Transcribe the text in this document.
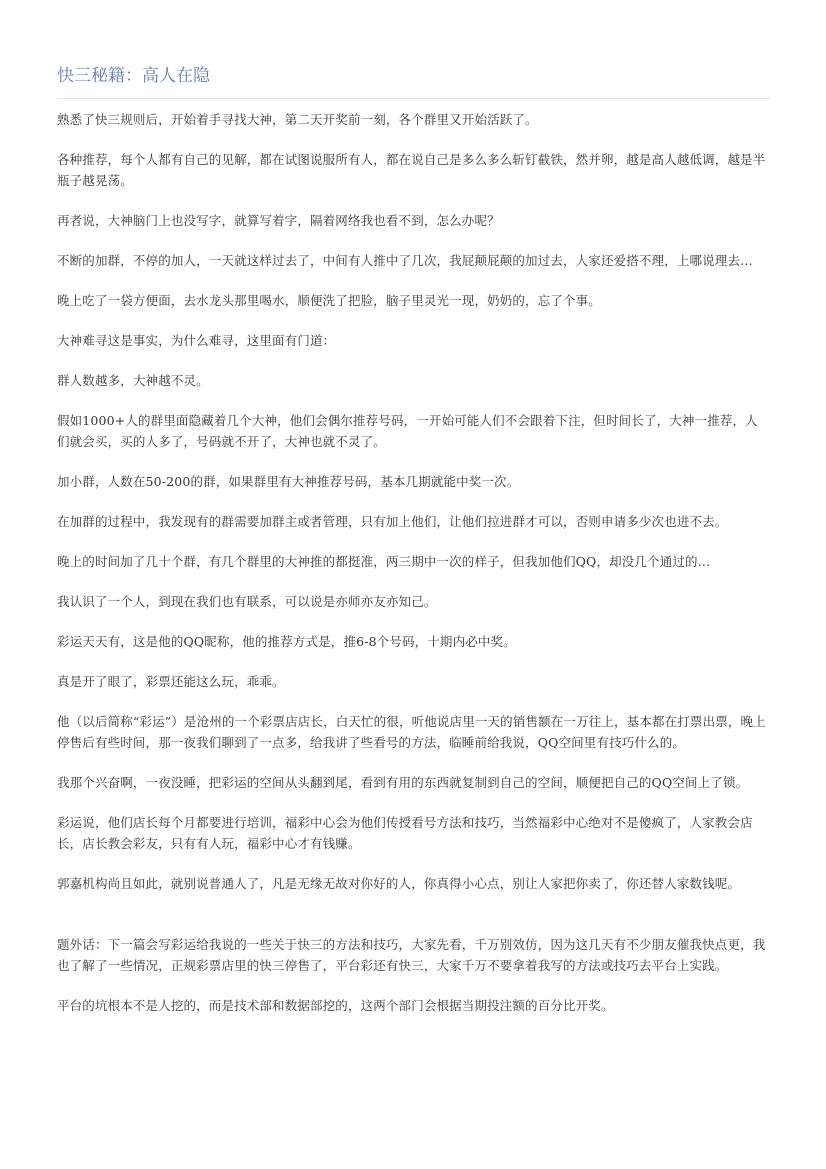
快三秘籍：高人在隐

熟悉了快三规则后，开始着手寻找大神，第二天开奖前一刻，各个群里又开始活跃了。

各种推荐，每个人都有自己的见解，都在试图说服所有人，都在说自己是多么多么斩钉截铁，然并卵，越是高人越低调，越是半瓶子越晃荡。

再者说，大神脑门上也没写字，就算写着字，隔着网络我也看不到，怎么办呢？

不断的加群，不停的加人，一天就这样过去了，中间有人推中了几次，我屁颠屁颠的加过去，人家还爱搭不理，上哪说理去…

晚上吃了一袋方便面，去水龙头那里喝水，顺便洗了把脸，脑子里灵光一现，奶奶的，忘了个事。

大神难寻这是事实，为什么难寻，这里面有门道：

群人数越多，大神越不灵。

假如1000+人的群里面隐藏着几个大神，他们会偶尔推荐号码，一开始可能人们不会跟着下注，但时间长了，大神一推荐，人们就会买，买的人多了，号码就不开了，大神也就不灵了。

加小群，人数在50-200的群，如果群里有大神推荐号码，基本几期就能中奖一次。

在加群的过程中，我发现有的群需要加群主或者管理，只有加上他们，让他们拉进群才可以，否则申请多少次也进不去。

晚上的时间加了几十个群，有几个群里的大神推的都挺准，两三期中一次的样子，但我加他们QQ，却没几个通过的…

我认识了一个人，到现在我们也有联系，可以说是亦师亦友亦知己。

彩运天天有，这是他的QQ昵称，他的推荐方式是，推6-8个号码，十期内必中奖。

真是开了眼了，彩票还能这么玩，乖乖。

他（以后简称“彩运”）是沧州的一个彩票店店长，白天忙的很，听他说店里一天的销售额在一万往上，基本都在打票出票，晚上停售后有些时间，那一夜我们聊到了一点多，给我讲了些看号的方法，临睡前给我说，QQ空间里有技巧什么的。

我那个兴奋啊，一夜没睡，把彩运的空间从头翻到尾，看到有用的东西就复制到自己的空间，顺便把自己的QQ空间上了锁。

彩运说，他们店长每个月都要进行培训，福彩中心会为他们传授看号方法和技巧，当然福彩中心绝对不是傻疯了，人家教会店长，店长教会彩友，只有有人玩，福彩中心才有钱赚。

郭嘉机构尚且如此，就别说普通人了，凡是无缘无故对你好的人，你真得小心点，别让人家把你卖了，你还替人家数钱呢。

题外话：下一篇会写彩运给我说的一些关于快三的方法和技巧，大家先看，千万别效仿，因为这几天有不少朋友催我快点更，我也了解了一些情况，正规彩票店里的快三停售了，平台彩还有快三，大家千万不要拿着我写的方法或技巧去平台上实践。

平台的坑根本不是人挖的，而是技术部和数据部挖的，这两个部门会根据当期投注额的百分比开奖。
